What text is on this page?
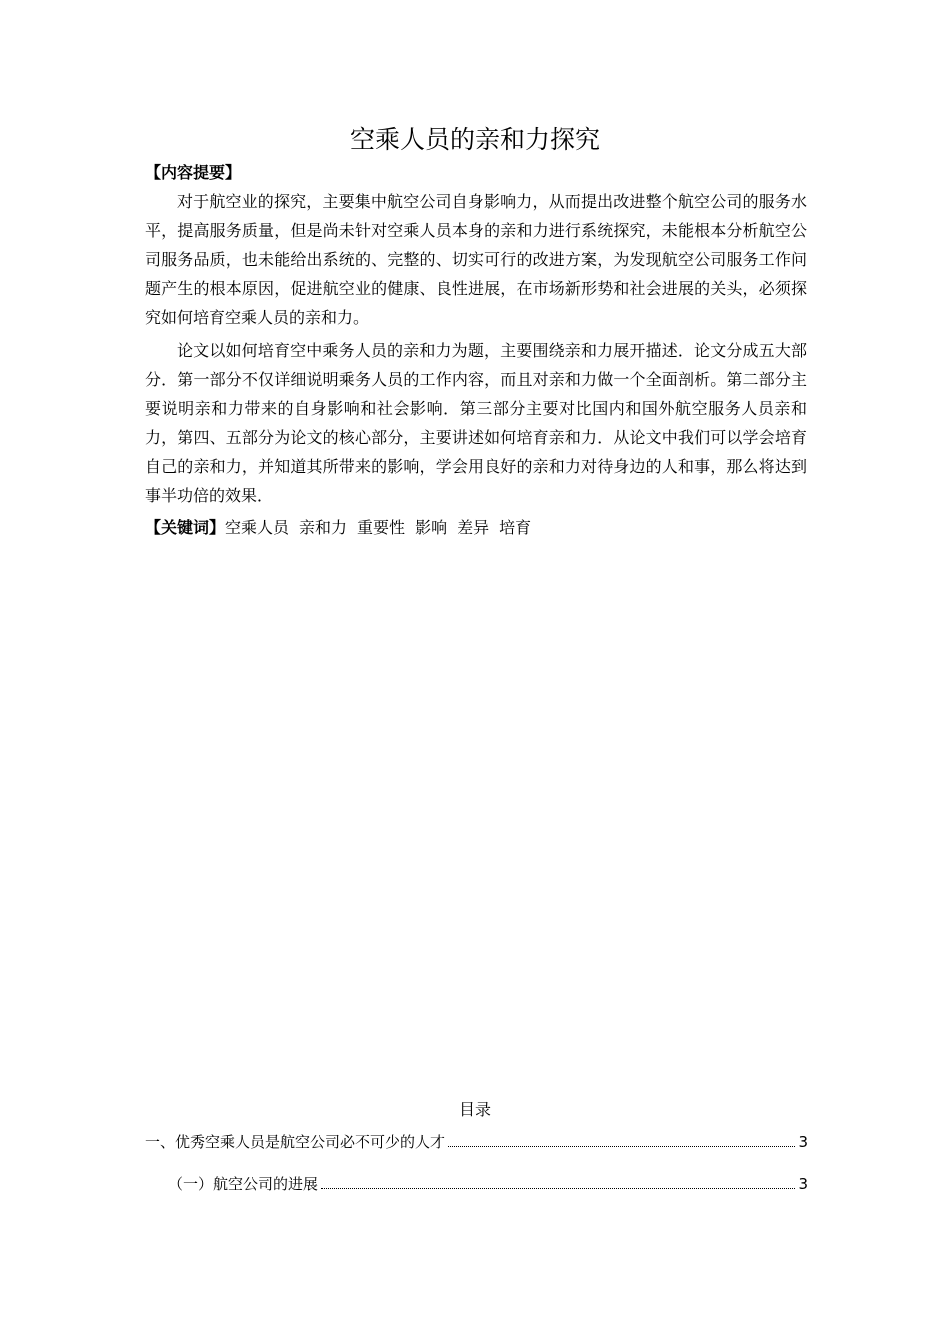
空乘人员的亲和力探究
【内容提要】

对于航空业的探究，主要集中航空公司自身影响力，从而提出改进整个航空公司的服务水平，提高服务质量，但是尚未针对空乘人员本身的亲和力进行系统探究，未能根本分析航空公司服务品质，也未能给出系统的、完整的、切实可行的改进方案，为发现航空公司服务工作问题产生的根本原因，促进航空业的健康、良性进展，在市场新形势和社会进展的关头，必须探究如何培育空乘人员的亲和力。

论文以如何培育空中乘务人员的亲和力为题，主要围绕亲和力展开描述．论文分成五大部分．第一部分不仅详细说明乘务人员的工作内容，而且对亲和力做一个全面剖析。第二部分主要说明亲和力带来的自身影响和社会影响．第三部分主要对比国内和国外航空服务人员亲和力，第四、五部分为论文的核心部分，主要讲述如何培育亲和力．从论文中我们可以学会培育自己的亲和力，并知道其所带来的影响，学会用良好的亲和力对待身边的人和事，那么将达到事半功倍的效果．

【关键词】空乘人员 亲和力 重要性 影响 差异 培育
目录
一、优秀空乘人员是航空公司必不可少的人才	3
（一）航空公司的进展	3
